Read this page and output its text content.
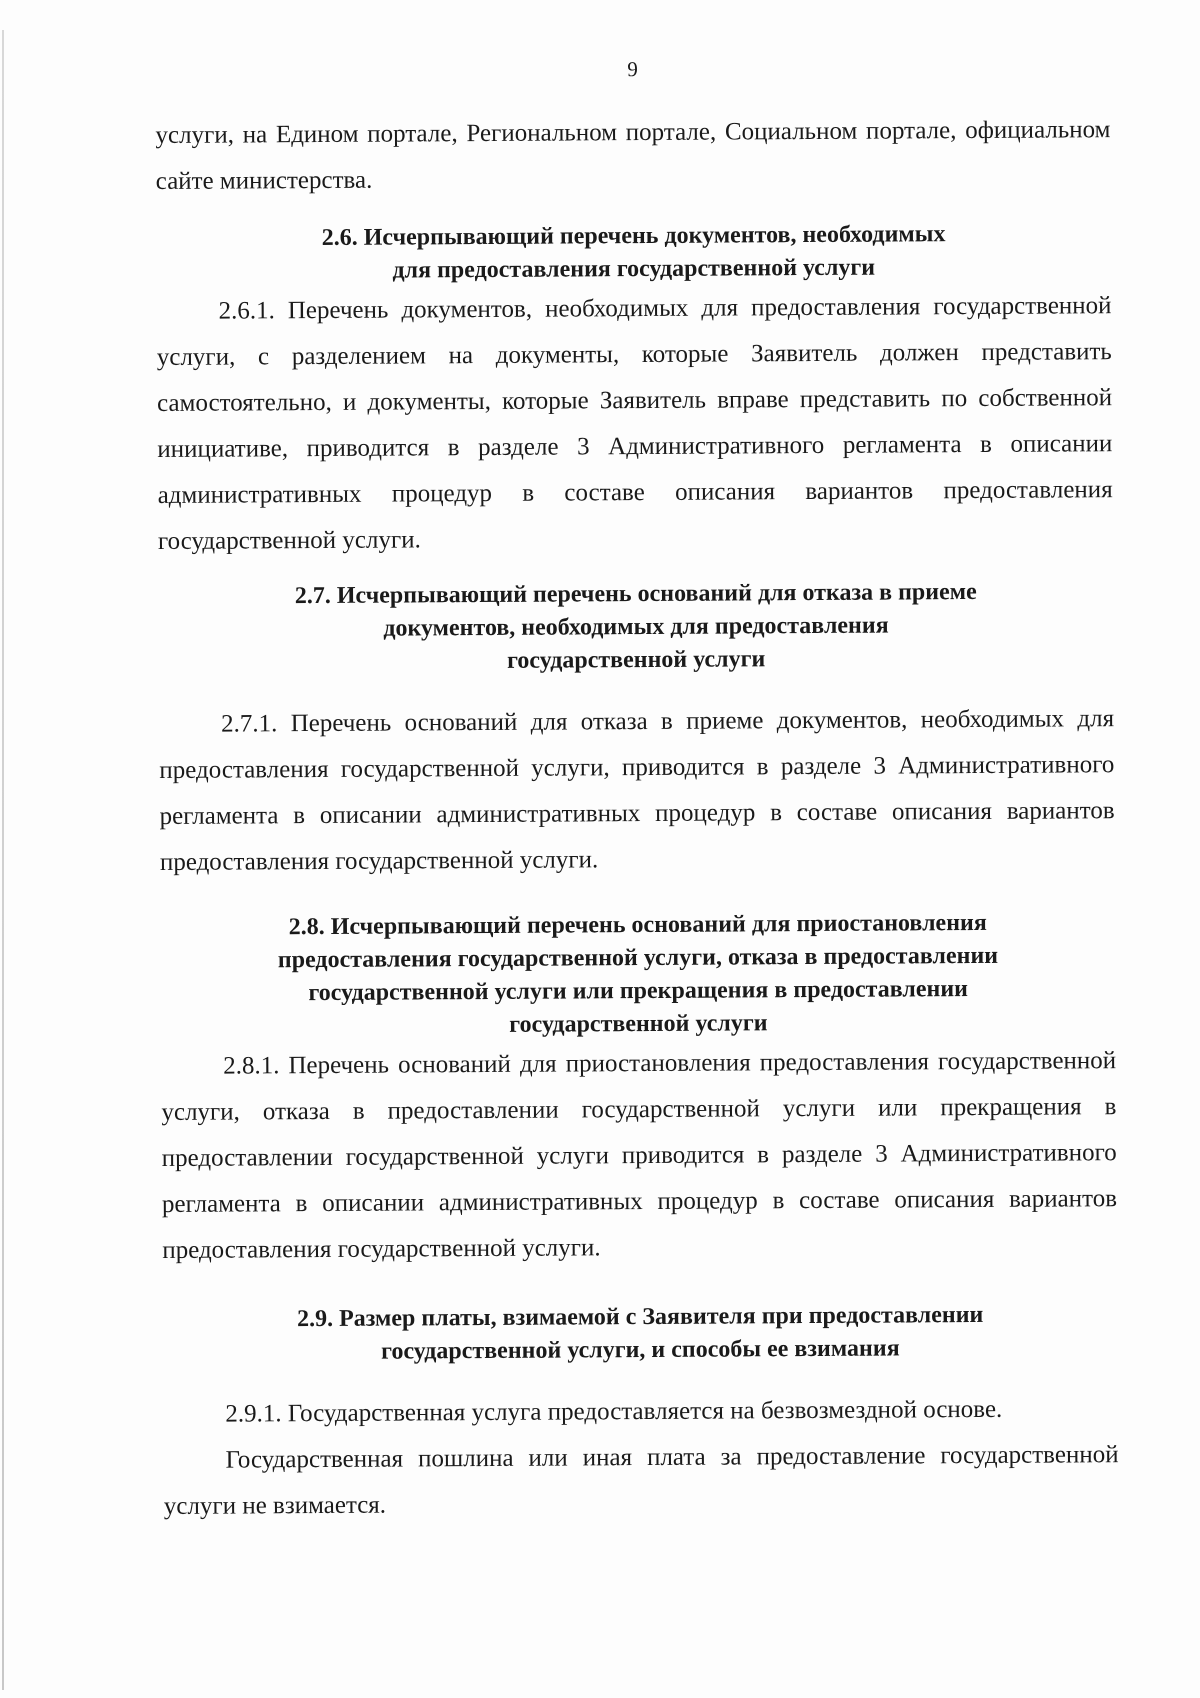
9

услуги, на Едином портале, Региональном портале, Социальном портале, официальном сайте министерства.

2.6. Исчерпывающий перечень документов, необходимых
для предоставления государственной услуги

2.6.1. Перечень документов, необходимых для предоставления государственной услуги, с разделением на документы, которые Заявитель должен представить самостоятельно, и документы, которые Заявитель вправе представить по собственной инициативе, приводится в разделе 3 Административного регламента в описании административных процедур в составе описания вариантов предоставления государственной услуги.

2.7. Исчерпывающий перечень оснований для отказа в приеме
документов, необходимых для предоставления
государственной услуги

2.7.1. Перечень оснований для отказа в приеме документов, необходимых для предоставления государственной услуги, приводится в разделе 3 Административного регламента в описании административных процедур в составе описания вариантов предоставления государственной услуги.

2.8. Исчерпывающий перечень оснований для приостановления
предоставления государственной услуги, отказа в предоставлении
государственной услуги или прекращения в предоставлении
государственной услуги

2.8.1. Перечень оснований для приостановления предоставления государственной услуги, отказа в предоставлении государственной услуги или прекращения в предоставлении государственной услуги приводится в разделе 3 Административного регламента в описании административных процедур в составе описания вариантов предоставления государственной услуги.

2.9. Размер платы, взимаемой с Заявителя при предоставлении
государственной услуги, и способы ее взимания

2.9.1. Государственная услуга предоставляется на безвозмездной основе.

Государственная пошлина или иная плата за предоставление государственной услуги не взимается.
